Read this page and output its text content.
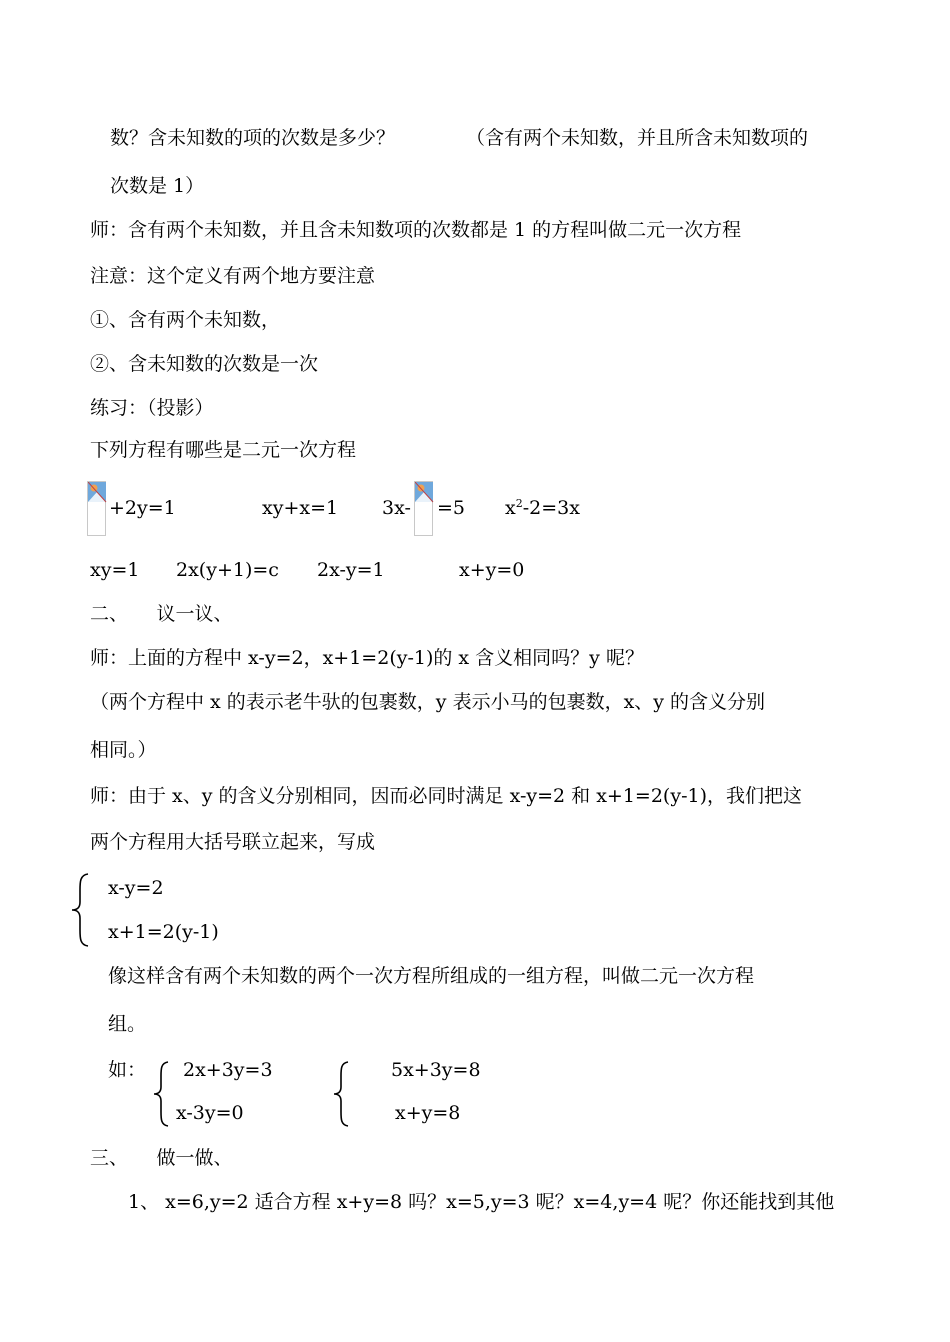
数？含未知数的项的次数是多少？	（含有两个未知数，并且所含未知数项的
次数是 1）
师：含有两个未知数，并且含未知数项的次数都是 1 的方程叫做二元一次方程
注意：这个定义有两个地方要注意
①、含有两个未知数，
②、含未知数的次数是一次
练习：（投影）
下列方程有哪些是二元一次方程
+2y=1	xy+x=1 3x- =5 $x^2-2=3x$
xy=1 2x(y+1)=c 2x-y=1	x+y=0
二、　　议一议、
师：上面的方程中 x-y=2，x+1=2(y-1)的 x 含义相同吗？y 呢？
（两个方程中 x 的表示老牛驮的包裹数，y 表示小马的包裹数，x、y 的含义分别
相同。）
师：由于 x、y 的含义分别相同，因而必同时满足 x-y=2 和 x+1=2(y-1)，我们把这
两个方程用大括号联立起来，写成
x-y=2
x+1=2(y-1)
像这样含有两个未知数的两个一次方程所组成的一组方程，叫做二元一次方程
组。
如： 2x+3y=3
x-3y=0
5x+3y=8
x+y=8
三、　　做一做、
1、 x=6,y=2 适合方程 x+y=8 吗？x=5,y=3 呢？x=4,y=4 呢？你还能找到其他
